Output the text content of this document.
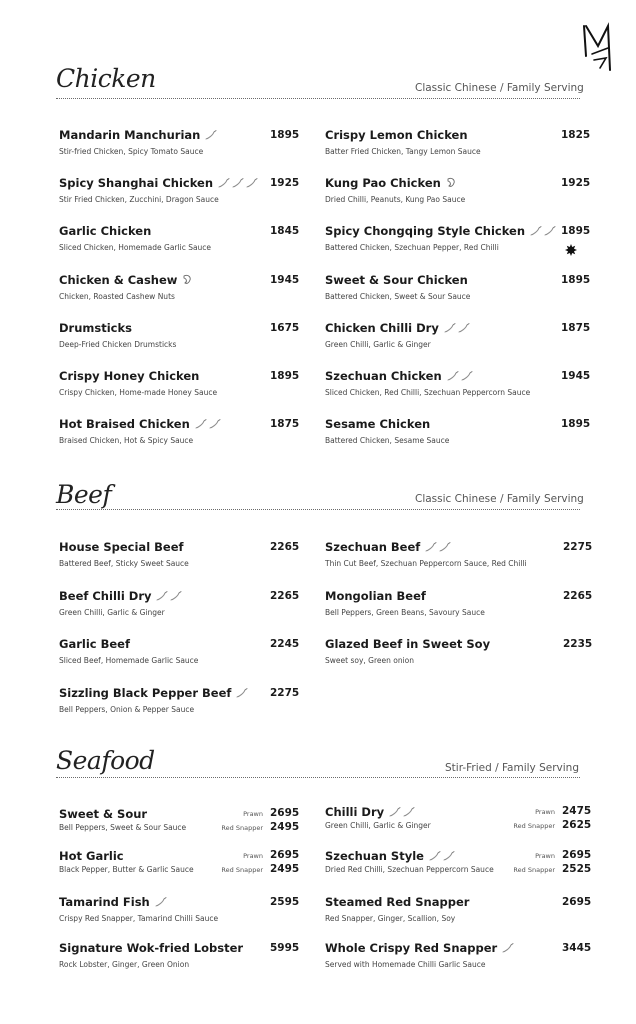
Chicken	Classic Chinese / Family Serving
Mandarin Manchurian
Stir-fried Chicken, Spicy Tomato Sauce
1895
Spicy Shanghai Chicken
Stir Fried Chicken, Zucchini, Dragon Sauce
1925
Garlic Chicken
Sliced Chicken, Homemade Garlic Sauce
1845
Chicken & Cashew
Chicken, Roasted Cashew Nuts
1945
Drumsticks
Deep-Fried Chicken Drumsticks
1675
Crispy Honey Chicken
Crispy Chicken, Home-made Honey Sauce
1895
Hot Braised Chicken
Braised Chicken, Hot & Spicy Sauce
1875
Crispy Lemon Chicken
Batter Fried Chicken, Tangy Lemon Sauce
1825
Kung Pao Chicken
Dried Chilli, Peanuts, Kung Pao Sauce
1925
Spicy Chongqing Style Chicken
Battered Chicken, Szechuan Pepper, Red Chilli
1895
Sweet & Sour Chicken
Battered Chicken, Sweet & Sour Sauce
1895
Chicken Chilli Dry
Green Chilli, Garlic & Ginger
1875
Szechuan Chicken
Sliced Chicken, Red Chilli, Szechuan Peppercorn Sauce
1945
Sesame Chicken
Battered Chicken, Sesame Sauce
1895
Beef	Classic Chinese / Family Serving
House Special Beef
Battered Beef, Sticky Sweet Sauce
2265
Beef Chilli Dry
Green Chilli, Garlic & Ginger
2265
Garlic Beef
Sliced Beef, Homemade Garlic Sauce
2245
Sizzling Black Pepper Beef
Bell Peppers, Onion & Pepper Sauce
2275
Szechuan Beef
Thin Cut Beef, Szechuan Peppercorn Sauce, Red Chilli
2275
Mongolian Beef
Bell Peppers, Green Beans, Savoury Sauce
2265
Glazed Beef in Sweet Soy
Sweet soy, Green onion
2235
Seafood	Stir-Fried / Family Serving
Sweet & Sour
Bell Peppers, Sweet & Sour Sauce
Prawn 2695
Red Snapper 2495
Hot Garlic
Black Pepper, Butter & Garlic Sauce
Prawn 2695
Red Snapper 2495
Tamarind Fish
Crispy Red Snapper, Tamarind Chilli Sauce
2595
Signature Wok-fried Lobster
Rock Lobster, Ginger, Green Onion
5995
Chilli Dry
Green Chilli, Garlic & Ginger
Prawn 2475
Red Snapper 2625
Szechuan Style
Dried Red Chilli, Szechuan Peppercorn Sauce
Prawn 2695
Red Snapper 2525
Steamed Red Snapper
Red Snapper, Ginger, Scallion, Soy
2695
Whole Crispy Red Snapper
Served with Homemade Chilli Garlic Sauce
3445
